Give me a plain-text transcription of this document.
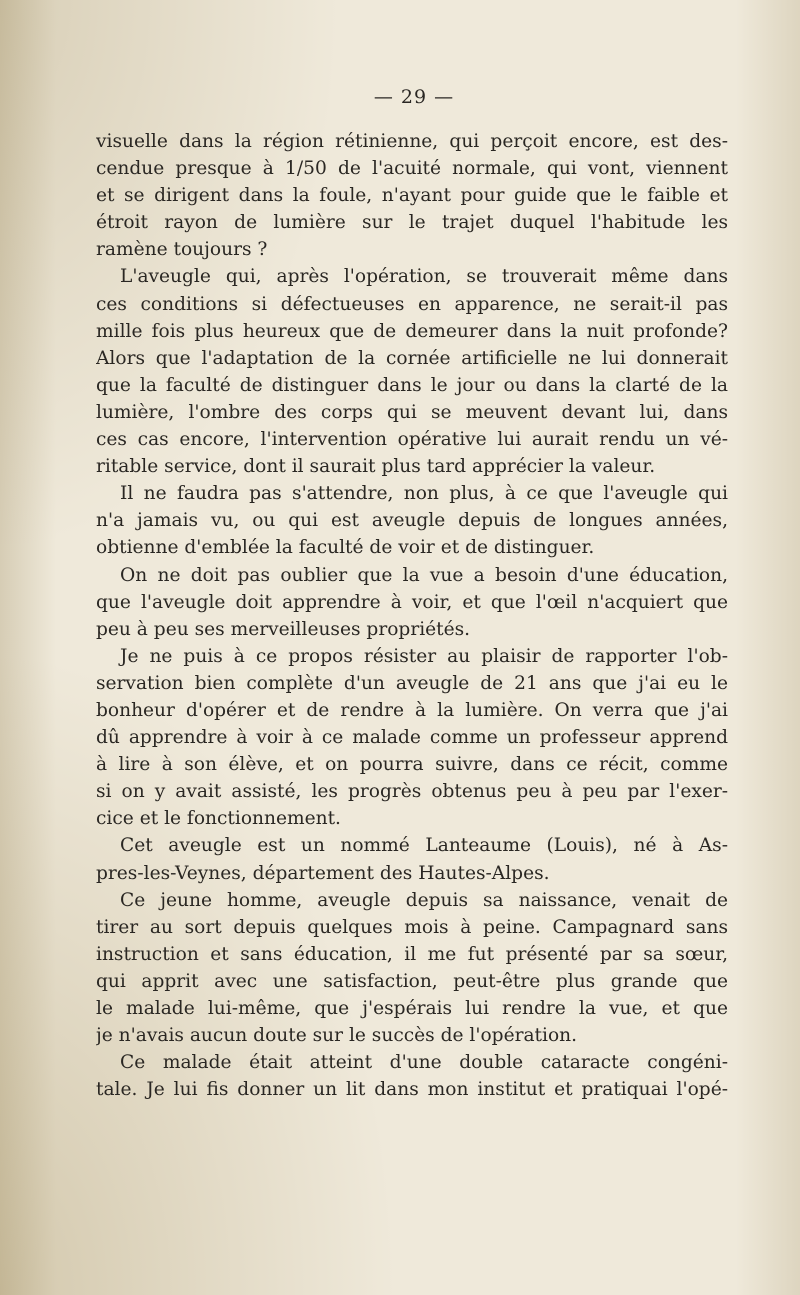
— 29 —
visuelle dans la région rétinienne, qui perçoit encore, est des-
cendue presque à 1/50 de l'acuité normale, qui vont, viennent
et se dirigent dans la foule, n'ayant pour guide que le faible et
étroit rayon de lumière sur le trajet duquel l'habitude les
ramène toujours ?
L'aveugle qui, après l'opération, se trouverait même dans
ces conditions si défectueuses en apparence, ne serait-il pas
mille fois plus heureux que de demeurer dans la nuit profonde?
Alors que l'adaptation de la cornée artificielle ne lui donnerait
que la faculté de distinguer dans le jour ou dans la clarté de la
lumière, l'ombre des corps qui se meuvent devant lui, dans
ces cas encore, l'intervention opérative lui aurait rendu un vé-
ritable service, dont il saurait plus tard apprécier la valeur.
Il ne faudra pas s'attendre, non plus, à ce que l'aveugle qui
n'a jamais vu, ou qui est aveugle depuis de longues années,
obtienne d'emblée la faculté de voir et de distinguer.
On ne doit pas oublier que la vue a besoin d'une éducation,
que l'aveugle doit apprendre à voir, et que l'œil n'acquiert que
peu à peu ses merveilleuses propriétés.
Je ne puis à ce propos résister au plaisir de rapporter l'ob-
servation bien complète d'un aveugle de 21 ans que j'ai eu le
bonheur d'opérer et de rendre à la lumière. On verra que j'ai
dû apprendre à voir à ce malade comme un professeur apprend
à lire à son élève, et on pourra suivre, dans ce récit, comme
si on y avait assisté, les progrès obtenus peu à peu par l'exer-
cice et le fonctionnement.
Cet aveugle est un nommé Lanteaume (Louis), né à As-
pres-les-Veynes, département des Hautes-Alpes.
Ce jeune homme, aveugle depuis sa naissance, venait de
tirer au sort depuis quelques mois à peine. Campagnard sans
instruction et sans éducation, il me fut présenté par sa sœur,
qui apprit avec une satisfaction, peut-être plus grande que
le malade lui-même, que j'espérais lui rendre la vue, et que
je n'avais aucun doute sur le succès de l'opération.
Ce malade était atteint d'une double cataracte congéni-
tale. Je lui fis donner un lit dans mon institut et pratiquai l'opé-
